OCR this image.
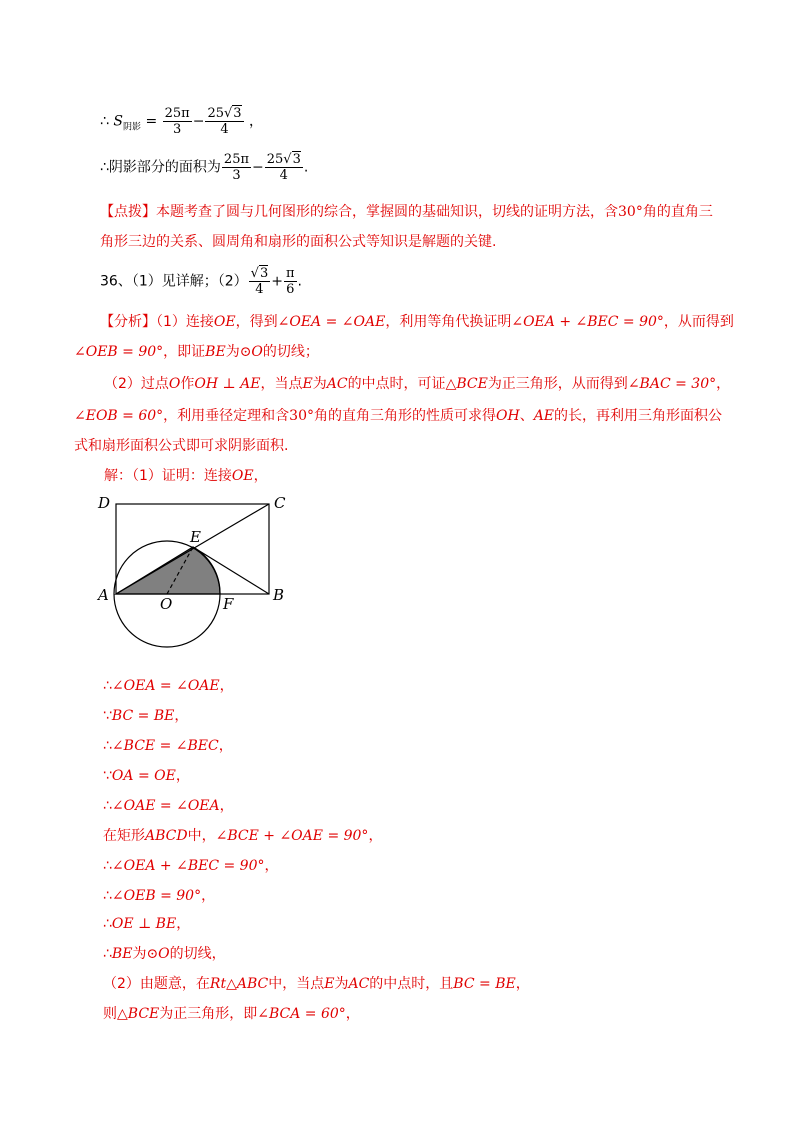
∴ $S_{阴影} = \frac{25\pi}{3} - \frac{25√3}{4}$ ，
∴阴影部分的面积为 $\frac{25\pi}{3} - \frac{25√3}{4}$ .
【点拨】本题考查了圆与几何图形的综合，掌握圆的基础知识，切线的证明方法，含30°角的直角三
角形三边的关系、圆周角和扇形的面积公式等知识是解题的关键.
36、（1）见详解；$(2) \frac{√3}{4} + \frac{\pi}{6}$ .
【分析】（1）连接OE，得到∠OEA = ∠OAE，利用等角代换证明∠OEA + ∠BEC = 90°，从而得到
∠OEB = 90°，即证BE为⊙O的切线；
（2）过点O作OH ⊥ AE，当点E为AC的中点时，可证△BCE为正三角形，从而得到∠BAC = 30°，
∠EOB = 60°，利用垂径定理和含30°角的直角三角形的性质可求得OH、AE的长，再利用三角形面积公
式和扇形面积公式即可求阴影面积.
解：（1）证明：连接OE，
D	C
E
A	O	F	B
∴∠OEA = ∠OAE，
∵BC = BE，
∴∠BCE = ∠BEC，
∵OA = OE，
∴∠OAE = ∠OEA，
在矩形ABCD中，∠BCE + ∠OAE = 90°，
∴∠OEA + ∠BEC = 90°，
∴∠OEB = 90°，
∴OE ⊥ BE，
∴BE为⊙O的切线，
（2）由题意，在Rt△ABC中，当点E为AC的中点时，且BC = BE，
则△BCE为正三角形，即∠BCA = 60°，
